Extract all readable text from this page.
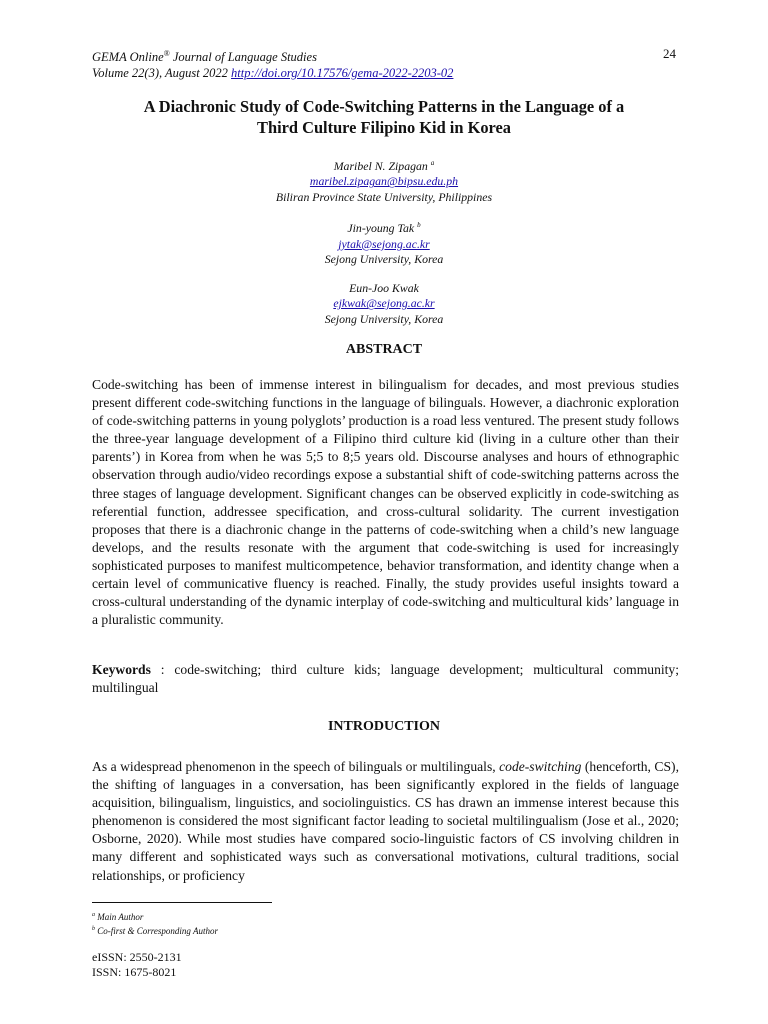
GEMA Online® Journal of Language Studies
Volume 22(3), August 2022 http://doi.org/10.17576/gema-2022-2203-02
24
A Diachronic Study of Code-Switching Patterns in the Language of a
Third Culture Filipino Kid in Korea
Maribel N. Zipagan $^a$
maribel.zipagan@bipsu.edu.ph
Biliran Province State University, Philippines
Jin-young Tak $^b$
jytak@sejong.ac.kr
Sejong University, Korea
Eun-Joo Kwak
ejkwak@sejong.ac.kr
Sejong University, Korea
ABSTRACT
Code-switching has been of immense interest in bilingualism for decades, and most previous studies present different code-switching functions in the language of bilinguals. However, a diachronic exploration of code-switching patterns in young polyglots’ production is a road less ventured. The present study follows the three-year language development of a Filipino third culture kid (living in a culture other than their parents’) in Korea from when he was 5;5 to 8;5 years old. Discourse analyses and hours of ethnographic observation through audio/video recordings expose a substantial shift of code-switching patterns across the three stages of language development. Significant changes can be observed explicitly in code-switching as referential function, addressee specification, and cross-cultural solidarity. The current investigation proposes that there is a diachronic change in the patterns of code-switching when a child’s new language develops, and the results resonate with the argument that code-switching is used for increasingly sophisticated purposes to manifest multicompetence, behavior transformation, and identity change when a certain level of communicative fluency is reached. Finally, the study provides useful insights toward a cross-cultural understanding of the dynamic interplay of code-switching and multicultural kids’ language in a pluralistic community.
Keywords : code-switching; third culture kids; language development; multicultural community; multilingual
INTRODUCTION
As a widespread phenomenon in the speech of bilinguals or multilinguals, code-switching (henceforth, CS), the shifting of languages in a conversation, has been significantly explored in the fields of language acquisition, bilingualism, linguistics, and sociolinguistics. CS has drawn an immense interest because this phenomenon is considered the most significant factor leading to societal multilingualism (Jose et al., 2020; Osborne, 2020). While most studies have compared socio-linguistic factors of CS involving children in many different and sophisticated ways such as conversational motivations, cultural traditions, social relationships, or proficiency
$^a$ Main Author
$^b$ Co-first & Corresponding Author
eISSN: 2550-2131
ISSN: 1675-8021
